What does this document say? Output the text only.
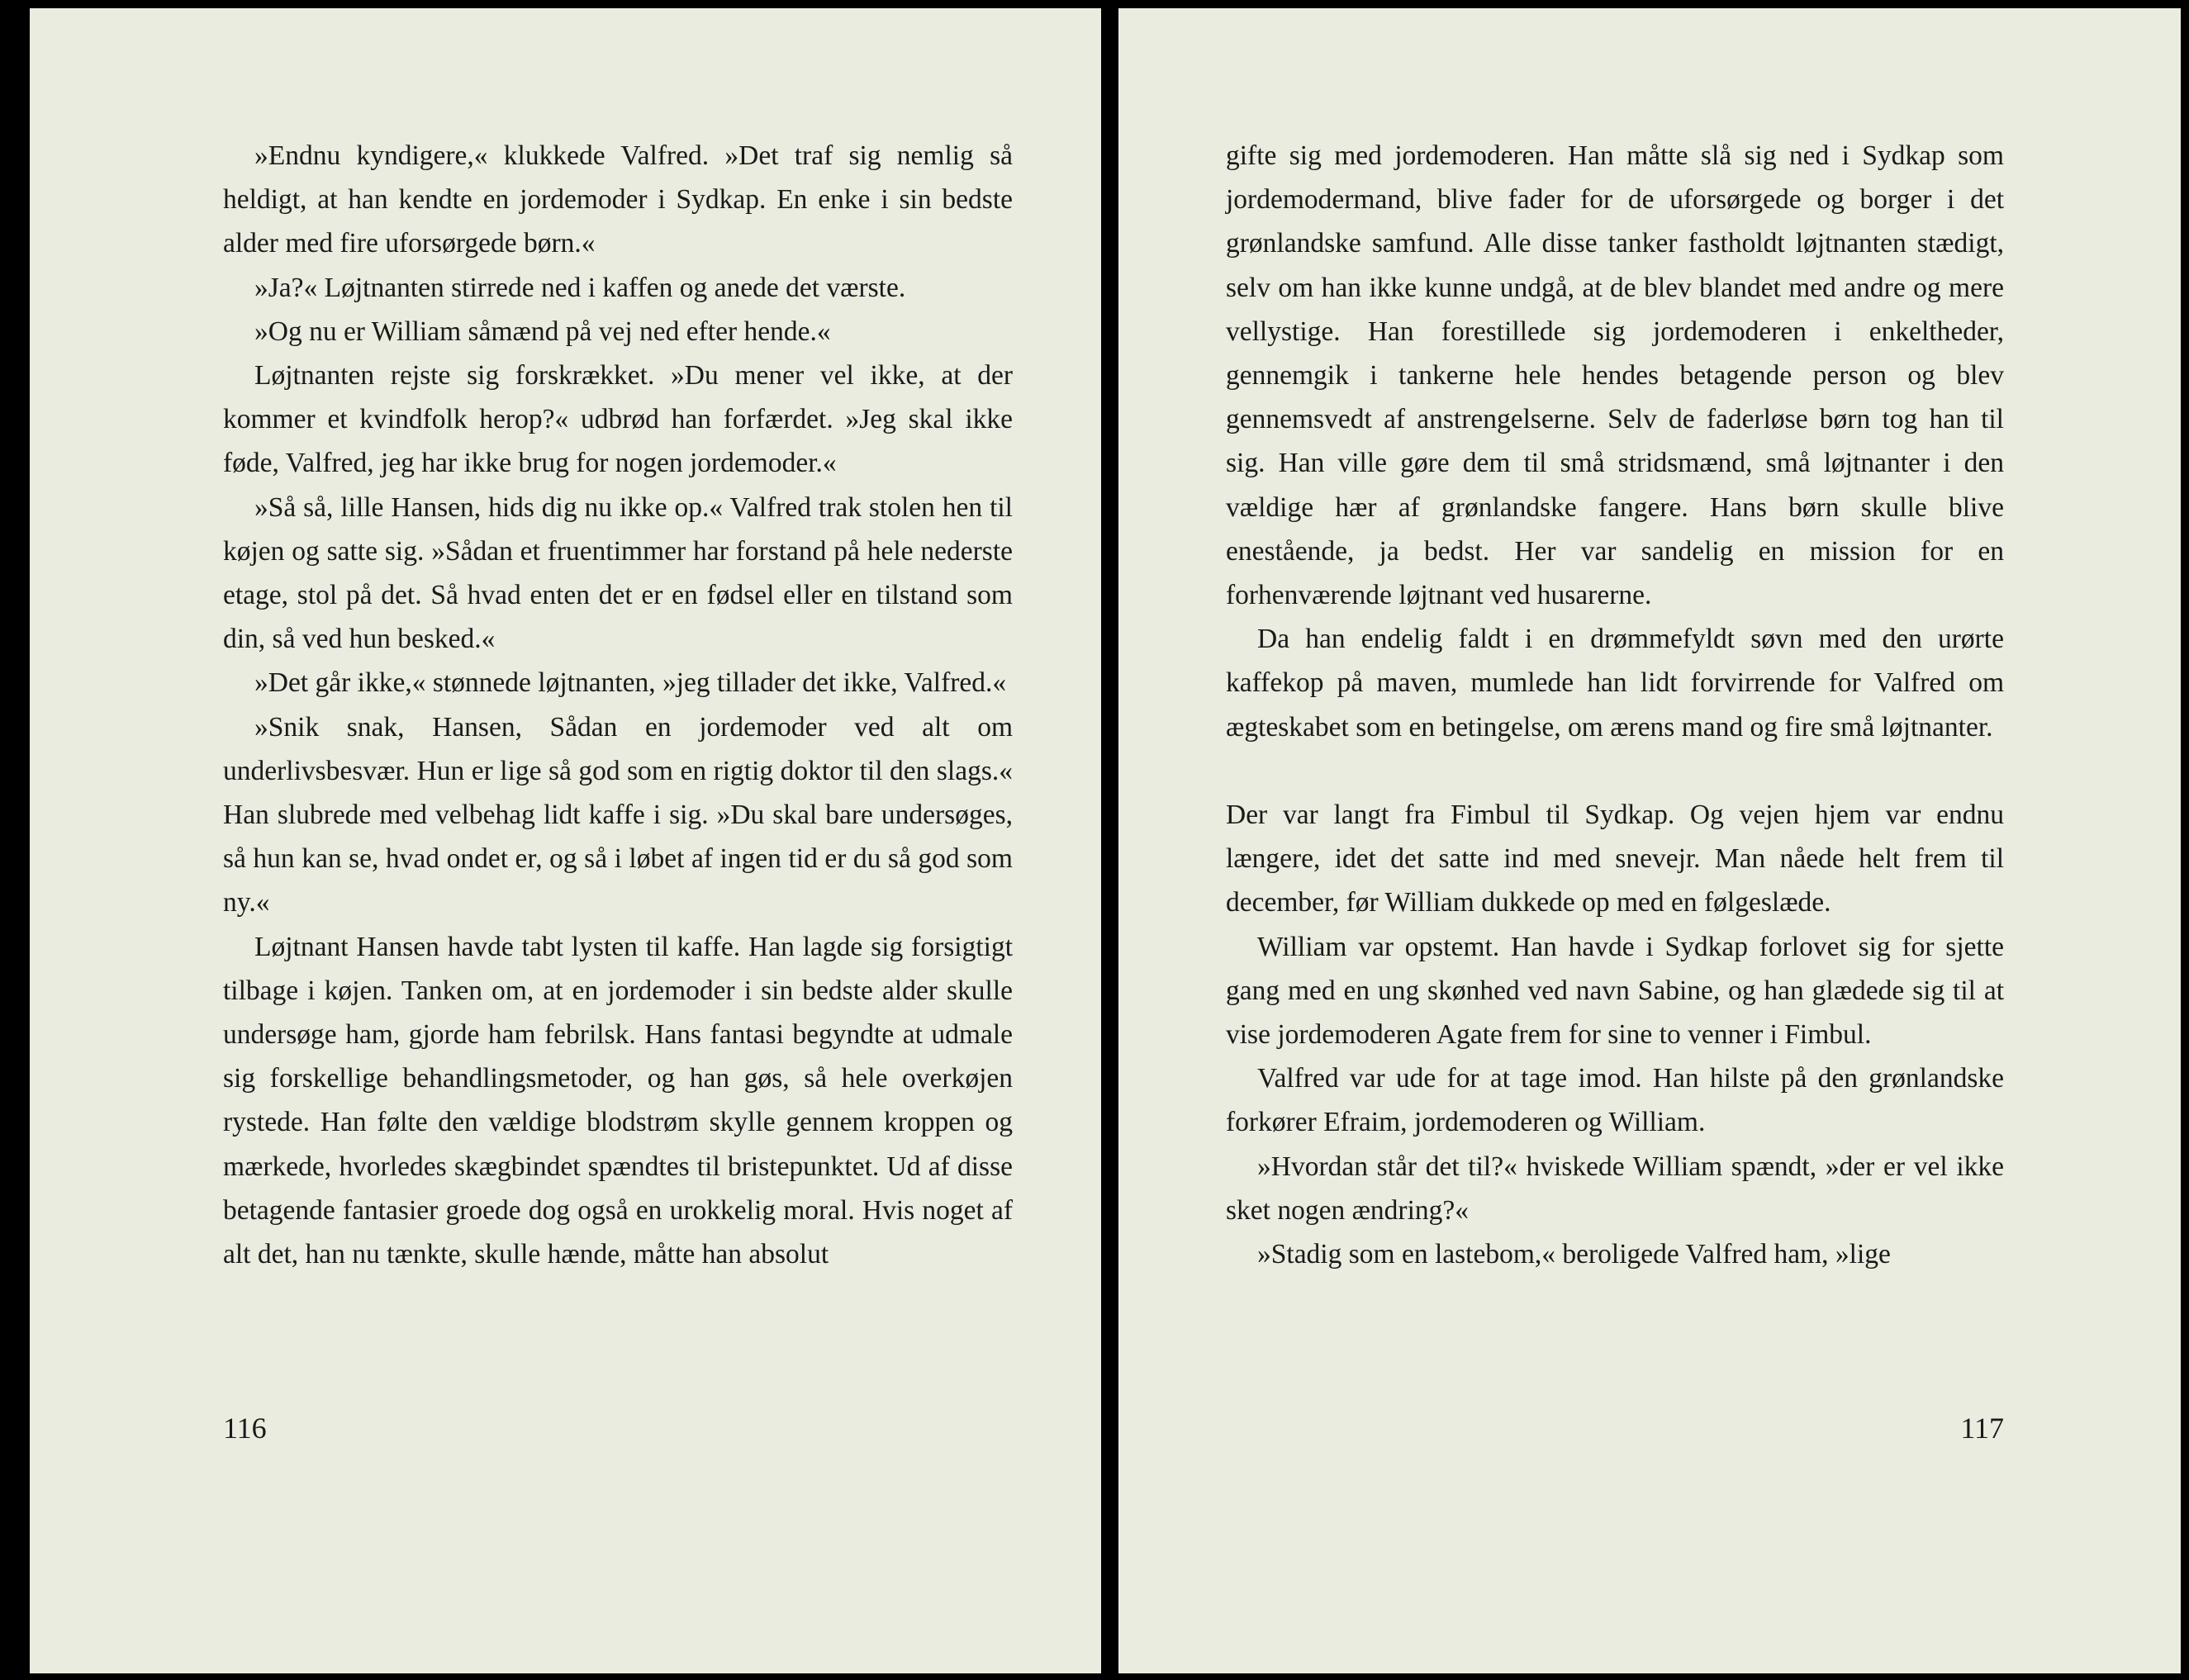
»Endnu kyndigere,« klukkede Valfred. »Det traf sig nemlig så heldigt, at han kendte en jordemoder i Sydkap. En enke i sin bedste alder med fire uforsørgede børn.«

»Ja?« Løjtnanten stirrede ned i kaffen og anede det værste.

»Og nu er William såmænd på vej ned efter hende.«

Løjtnanten rejste sig forskrækket. »Du mener vel ikke, at der kommer et kvindfolk herop?« udbrød han forfærdet. »Jeg skal ikke føde, Valfred, jeg har ikke brug for nogen jordemoder.«

»Så så, lille Hansen, hids dig nu ikke op.« Valfred trak stolen hen til køjen og satte sig. »Sådan et fruentimmer har forstand på hele nederste etage, stol på det. Så hvad enten det er en fødsel eller en tilstand som din, så ved hun besked.«

»Det går ikke,« stønnede løjtnanten, »jeg tillader det ikke, Valfred.«

»Snik snak, Hansen, Sådan en jordemoder ved alt om underlivsbesvær. Hun er lige så god som en rigtig doktor til den slags.« Han slubrede med velbehag lidt kaffe i sig. »Du skal bare undersøges, så hun kan se, hvad ondet er, og så i løbet af ingen tid er du så god som ny.«

Løjtnant Hansen havde tabt lysten til kaffe. Han lagde sig forsigtigt tilbage i køjen. Tanken om, at en jordemoder i sin bedste alder skulle undersøge ham, gjorde ham febrilsk. Hans fantasi begyndte at udmale sig forskellige behandlingsmetoder, og han gøs, så hele overkøjen rystede. Han følte den vældige blodstrøm skylle gennem kroppen og mærkede, hvorledes skægbindet spændtes til bristepunktet. Ud af disse betagende fantasier groede dog også en urokkelig moral. Hvis noget af alt det, han nu tænkte, skulle hænde, måtte han absolut

116

gifte sig med jordemoderen. Han måtte slå sig ned i Sydkap som jordemodermand, blive fader for de uforsørgede og borger i det grønlandske samfund. Alle disse tanker fastholdt løjtnanten stædigt, selv om han ikke kunne undgå, at de blev blandet med andre og mere vellystige. Han forestillede sig jordemoderen i enkeltheder, gennemgik i tankerne hele hendes betagende person og blev gennemsvedt af anstrengelserne. Selv de faderløse børn tog han til sig. Han ville gøre dem til små stridsmænd, små løjtnanter i den vældige hær af grønlandske fangere. Hans børn skulle blive enestående, ja bedst. Her var sandelig en mission for en forhenværende løjtnant ved husarerne.

Da han endelig faldt i en drømmefyldt søvn med den urørte kaffekop på maven, mumlede han lidt forvirrende for Valfred om ægteskabet som en betingelse, om ærens mand og fire små løjtnanter.

Der var langt fra Fimbul til Sydkap. Og vejen hjem var endnu længere, idet det satte ind med snevejr. Man nåede helt frem til december, før William dukkede op med en følgeslæde.

William var opstemt. Han havde i Sydkap forlovet sig for sjette gang med en ung skønhed ved navn Sabine, og han glædede sig til at vise jordemoderen Agate frem for sine to venner i Fimbul.

Valfred var ude for at tage imod. Han hilste på den grønlandske forkører Efraim, jordemoderen og William.

»Hvordan står det til?« hviskede William spændt, »der er vel ikke sket nogen ændring?«

»Stadig som en lastebom,« beroligede Valfred ham, »lige

117
